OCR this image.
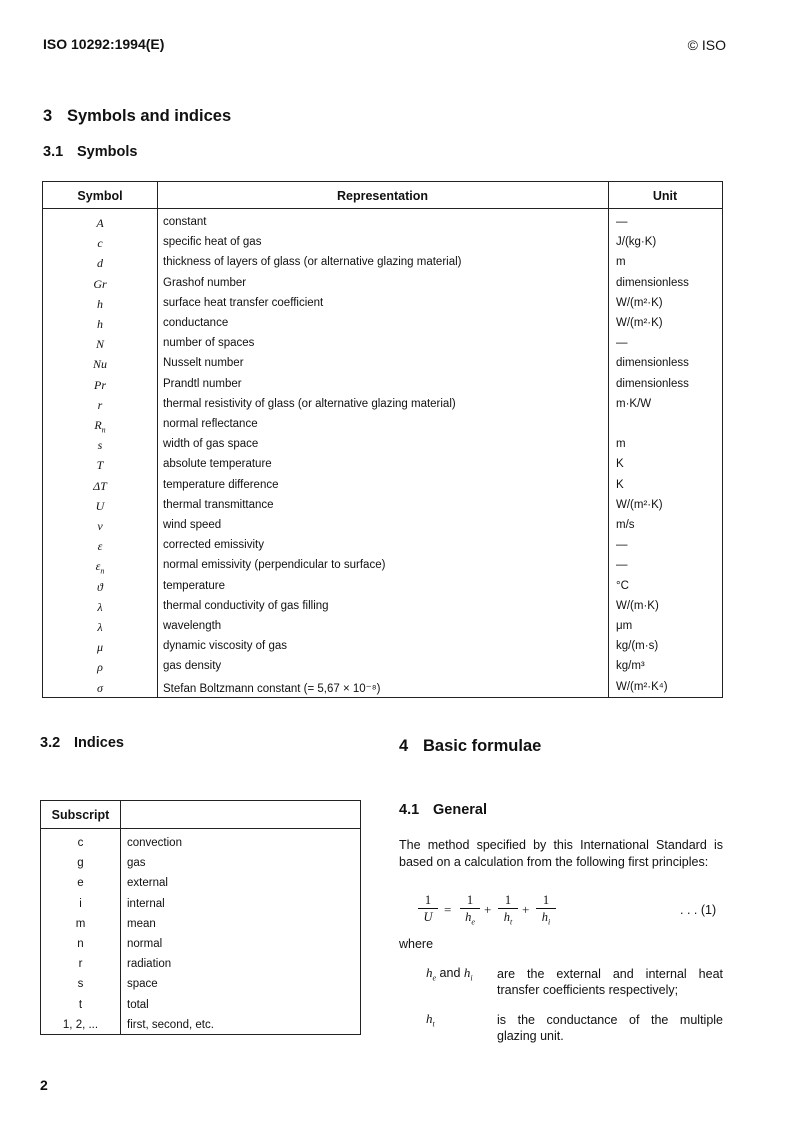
ISO 10292:1994(E)	© ISO
3 Symbols and indices
3.1 Symbols
Symbol	Representation	Unit
A	constant	—
c	specific heat of gas	J/(kg·K)
d	thickness of layers of glass (or alternative glazing material)	m
Gr	Grashof number	dimensionless
h	surface heat transfer coefficient	W/(m²·K)
h	conductance	W/(m²·K)
N	number of spaces	—
Nu	Nusselt number	dimensionless
Pr	Prandtl number	dimensionless
r	thermal resistivity of glass (or alternative glazing material)	m·K/W
$R_n$	normal reflectance
s	width of gas space	m
T	absolute temperature	K
ΔT	temperature difference	K
U	thermal transmittance	W/(m²·K)
v	wind speed	m/s
ε	corrected emissivity	—
$\varepsilon_n$	normal emissivity (perpendicular to surface)	—
ϑ	temperature	°C
λ	thermal conductivity of gas filling	W/(m·K)
λ	wavelength	μm
μ	dynamic viscosity of gas	kg/(m·s)
ρ	gas density	kg/m³
σ	Stefan Boltzmann constant (= 5,67 × 10⁻⁸)	W/(m²·K⁴)
3.2 Indices
Subscript
c	convection
g	gas
e	external
i	internal
m	mean
n	normal
r	radiation
s	space
t	total
1, 2, ...	first, second, etc.
4 Basic formulae
4.1 General
The method specified by this International Standard is based on a calculation from the following first principles:
1
U =
1
$h_e$
+
1
$h_t$
+
1
$h_i$
. . . (1)
where
$h_e$ and $h_i$ are the external and internal heat transfer coefficients respectively;
$h_t$	is the conductance of the multiple glazing unit.
2
